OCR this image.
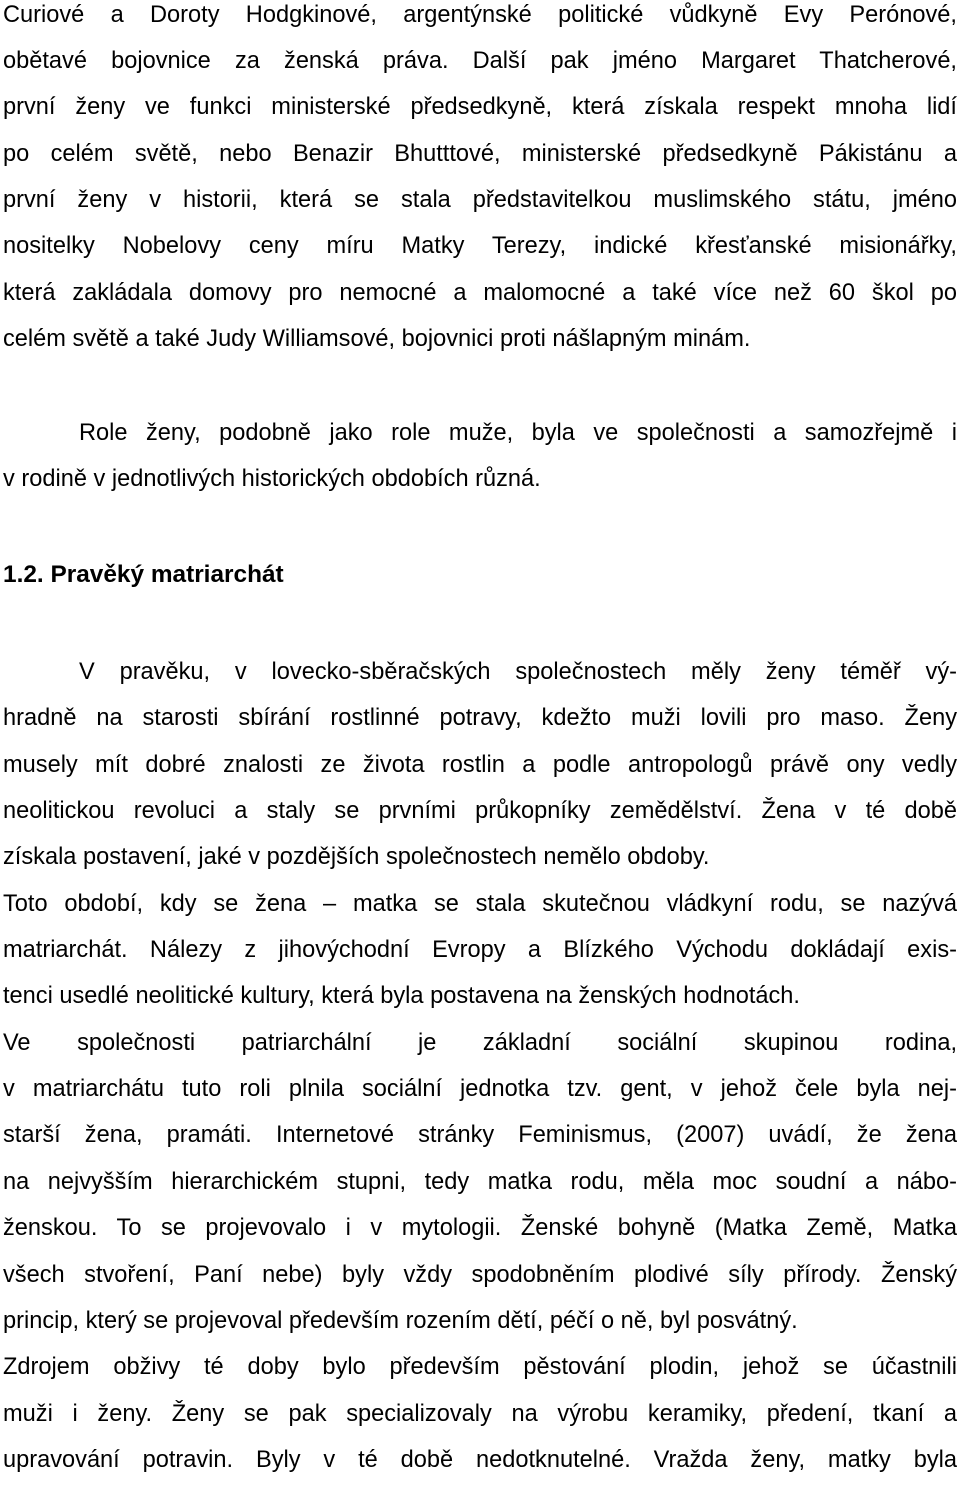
Curiové a Doroty Hodgkinové, argentýnské politické vůdkyně Evy Perónové,
obětavé bojovnice za ženská práva. Další pak jméno Margaret Thatcherové,
první ženy ve funkci ministerské předsedkyně, která získala respekt mnoha lidí
po celém světě, nebo Benazir Bhutttové, ministerské předsedkyně Pákistánu a
první ženy v historii, která se stala představitelkou muslimského státu, jméno
nositelky Nobelovy ceny míru Matky Terezy, indické křesťanské misionářky,
která zakládala domovy pro nemocné a malomocné a také více než 60 škol po
celém světě a také Judy Williamsové, bojovnici proti nášlapným minám.
Role ženy, podobně jako role muže, byla ve společnosti a samozřejmě i
v rodině v jednotlivých historických obdobích různá.
1.2. Pravěký matriarchát
V pravěku, v lovecko-sběračských společnostech měly ženy téměř vý-
hradně na starosti sbírání rostlinné potravy, kdežto muži lovili pro maso. Ženy
musely mít dobré znalosti ze života rostlin a podle antropologů právě ony vedly
neolitickou revoluci a staly se prvními průkopníky zemědělství. Žena v té době
získala postavení, jaké v pozdějších společnostech nemělo obdoby.
Toto období, kdy se žena – matka se stala skutečnou vládkyní rodu, se nazývá
matriarchát. Nálezy z jihovýchodní Evropy a Blízkého Východu dokládají exis-
tenci usedlé neolitické kultury, která byla postavena na ženských hodnotách.
Ve společnosti patriarchální je základní sociální skupinou rodina,
v matriarchátu tuto roli plnila sociální jednotka tzv. gent, v jehož čele byla nej-
starší žena, pramáti. Internetové stránky Feminismus, (2007) uvádí, že žena
na nejvyšším hierarchickém stupni, tedy matka rodu, měla moc soudní a nábo-
ženskou. To se projevovalo i v mytologii. Ženské bohyně (Matka Země, Matka
všech stvoření, Paní nebe) byly vždy spodobněním plodivé síly přírody. Ženský
princip, který se projevoval především rozením dětí, péčí o ně, byl posvátný.
Zdrojem obživy té doby bylo především pěstování plodin, jehož se účastnili
muži i ženy. Ženy se pak specializovaly na výrobu keramiky, předení, tkaní a
upravování potravin. Byly v té době nedotknutelné. Vražda ženy, matky byla
